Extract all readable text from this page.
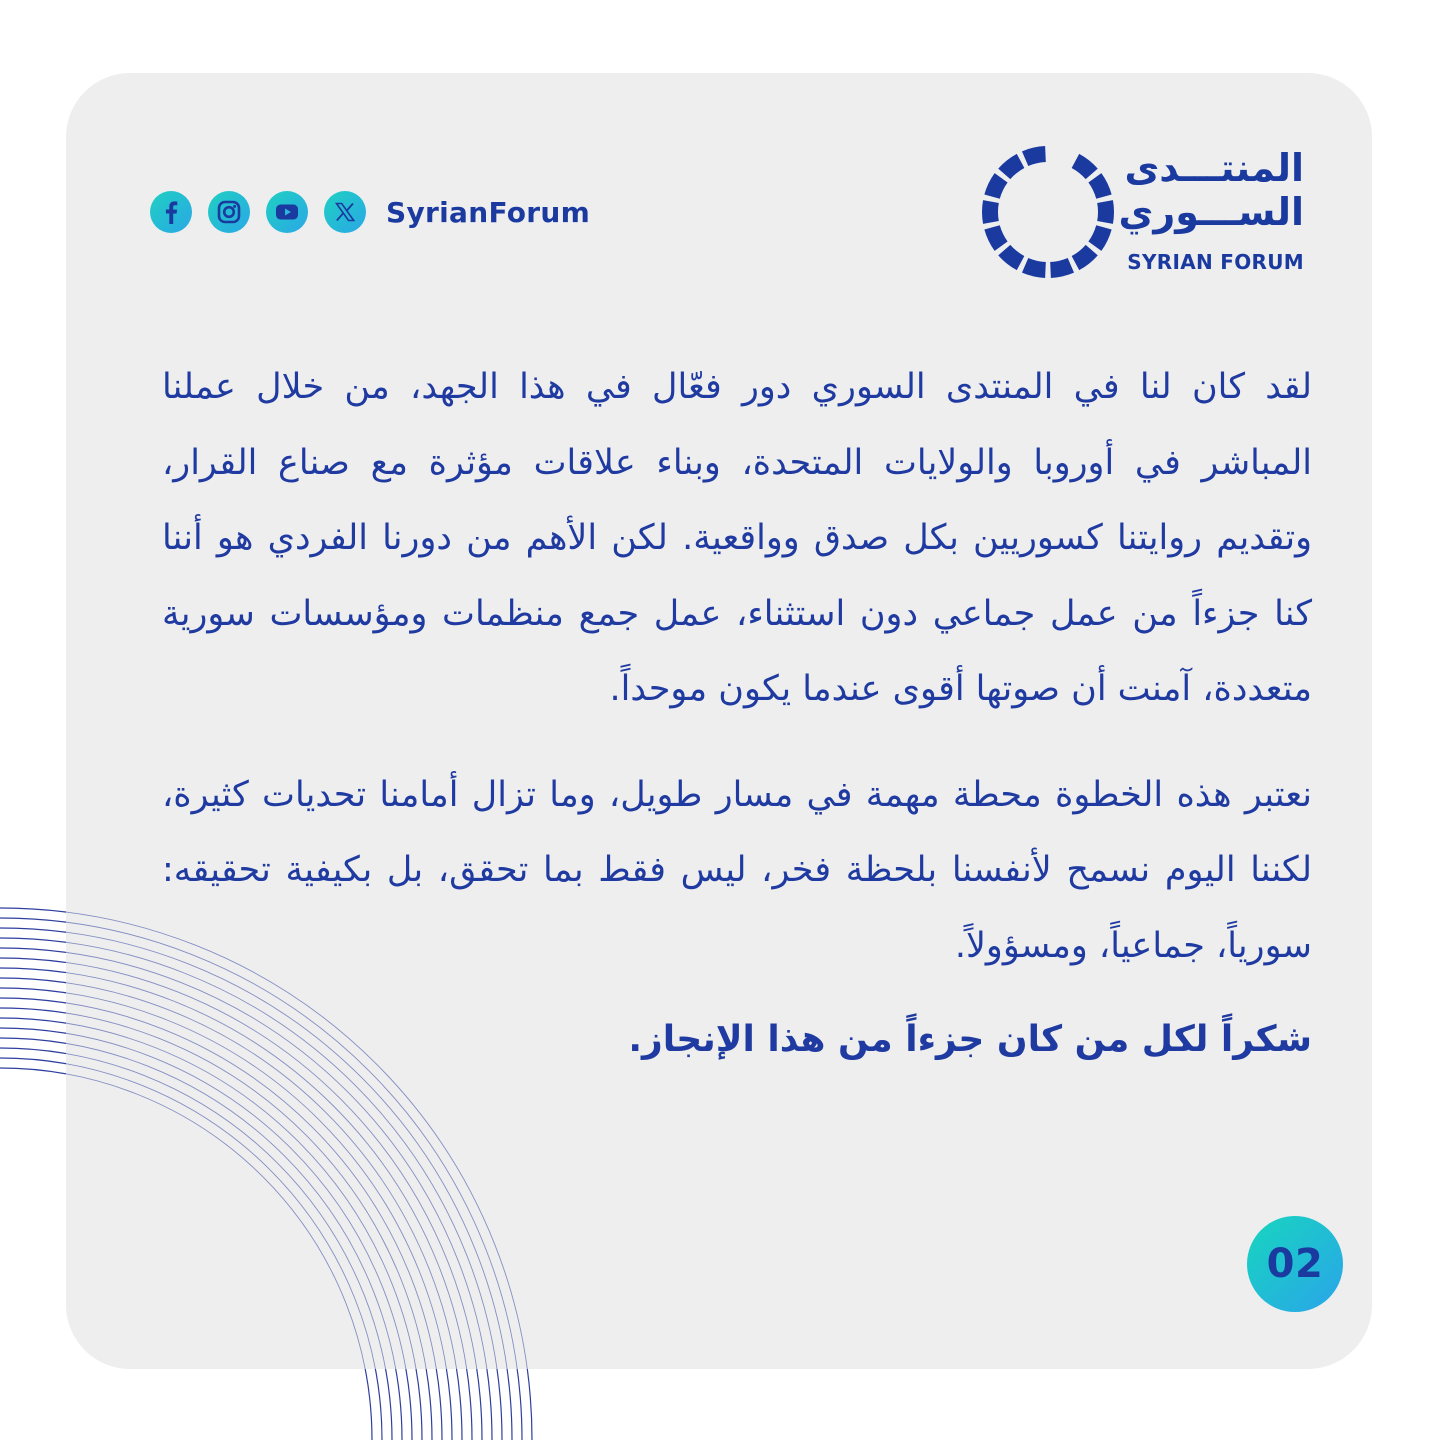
SyrianForum
المنتـــدى
الســـوري
SYRIAN FORUM

لقد كان لنا في المنتدى السوري دور فعّال في هذا الجهد، من خلال عملنا المباشر في أوروبا والولايات المتحدة، وبناء علاقات مؤثرة مع صناع القرار، وتقديم روايتنا كسوريين بكل صدق وواقعية. لكن الأهم من دورنا الفردي هو أننا كنا جزءاً من عمل جماعي دون استثناء، عمل جمع منظمات ومؤسسات سورية متعددة، آمنت أن صوتها أقوى عندما يكون موحداً.

نعتبر هذه الخطوة محطة مهمة في مسار طويل، وما تزال أمامنا تحديات كثيرة، لكننا اليوم نسمح لأنفسنا بلحظة فخر، ليس فقط بما تحقق، بل بكيفية تحقيقه: سورياً، جماعياً، ومسؤولاً.

شكراً لكل من كان جزءاً من هذا الإنجاز.

02
